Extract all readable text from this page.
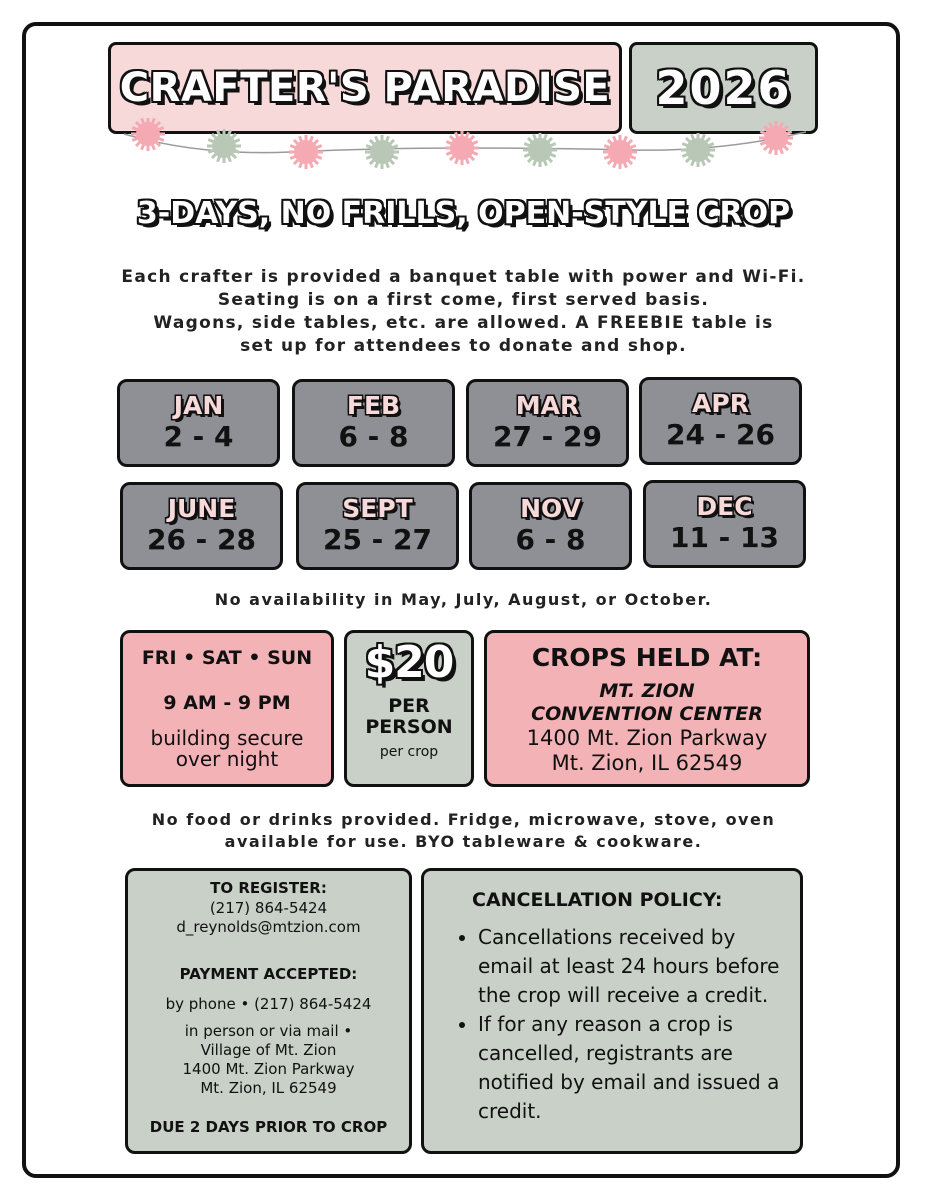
CRAFTER'S PARADISE 2026
3-DAYS, NO FRILLS, OPEN-STYLE CROP
Each crafter is provided a banquet table with power and Wi-Fi.
Seating is on a first come, first served basis.
Wagons, side tables, etc. are allowed. A FREEBIE table is
set up for attendees to donate and shop.
JAN
2 - 4
FEB
6 - 8
MAR
27 - 29
APR
24 - 26
JUNE
26 - 28
SEPT
25 - 27
NOV
6 - 8
DEC
11 - 13
No availability in May, July, August, or October.
FRI • SAT • SUN
9 AM - 9 PM
building secure over night
$20
PER PERSON
per crop
CROPS HELD AT:
MT. ZION
CONVENTION CENTER
1400 Mt. Zion Parkway
Mt. Zion, IL 62549
No food or drinks provided. Fridge, microwave, stove, oven
available for use. BYO tableware & cookware.
TO REGISTER:
(217) 864-5424
d_reynolds@mtzion.com
PAYMENT ACCEPTED:
by phone • (217) 864-5424
in person or via mail •
Village of Mt. Zion
1400 Mt. Zion Parkway
Mt. Zion, IL 62549
DUE 2 DAYS PRIOR TO CROP
CANCELLATION POLICY:
• Cancellations received by email at least 24 hours before the crop will receive a credit.
• If for any reason a crop is cancelled, registrants are notified by email and issued a credit.
